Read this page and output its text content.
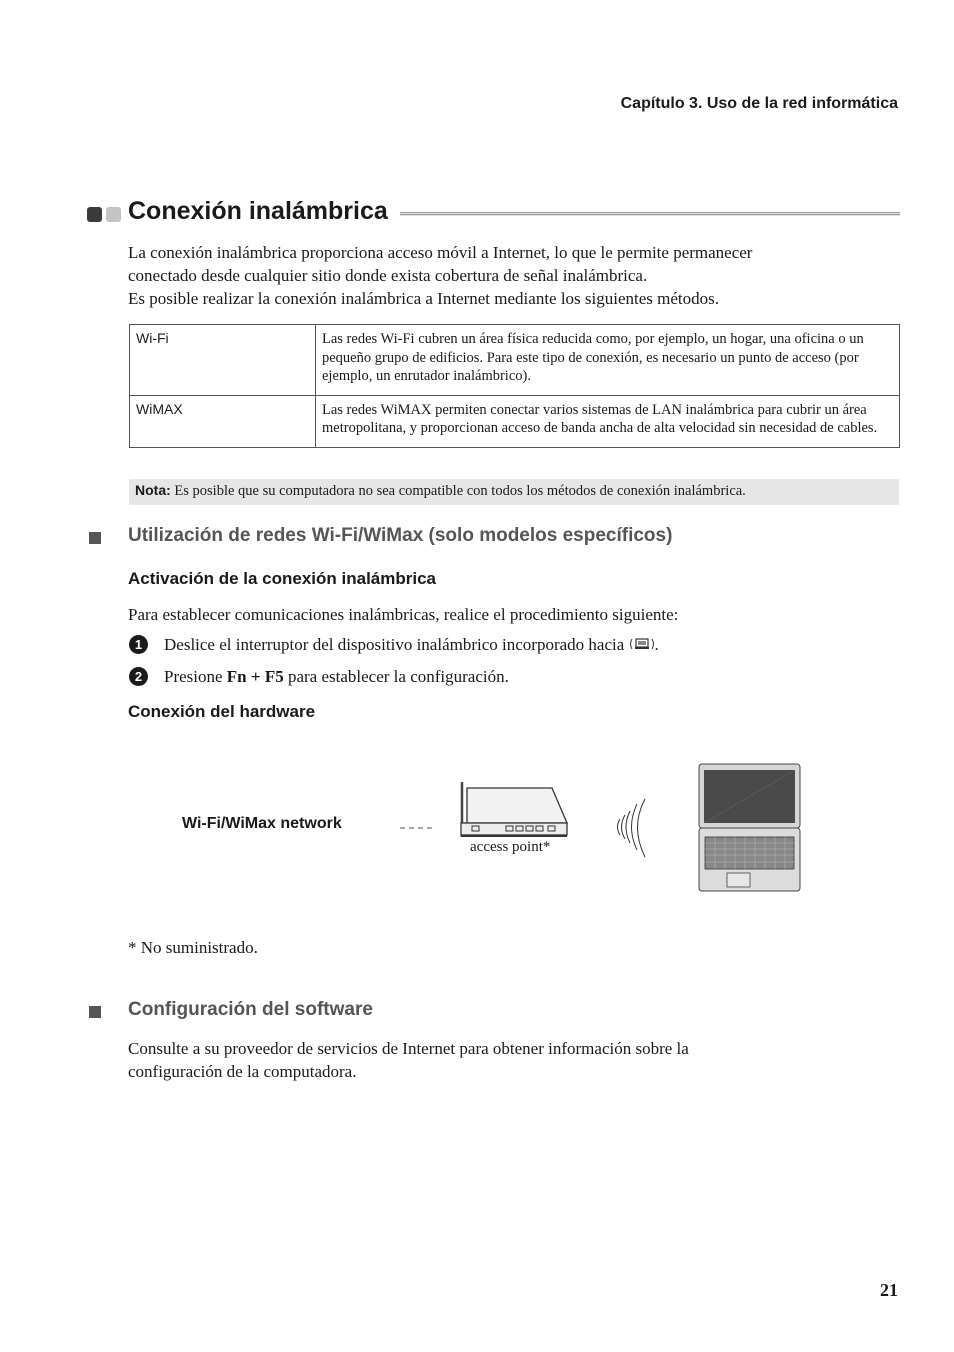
Capítulo 3. Uso de la red informática
Conexión inalámbrica
La conexión inalámbrica proporciona acceso móvil a Internet, lo que le permite permanecer
conectado desde cualquier sitio donde exista cobertura de señal inalámbrica.
Es posible realizar la conexión inalámbrica a Internet mediante los siguientes métodos.
Wi-Fi	Las redes Wi-Fi cubren un área física reducida como, por ejemplo, un hogar, una oficina o un pequeño grupo de edificios. Para este tipo de conexión, es necesario un punto de acceso (por ejemplo, un enrutador inalámbrico).
WiMAX	Las redes WiMAX permiten conectar varios sistemas de LAN inalámbrica para cubrir un área metropolitana, y proporcionan acceso de banda ancha de alta velocidad sin necesidad de cables.
Nota: Es posible que su computadora no sea compatible con todos los métodos de conexión inalámbrica.
Utilización de redes Wi-Fi/WiMax (solo modelos específicos)
Activación de la conexión inalámbrica
Para establecer comunicaciones inalámbricas, realice el procedimiento siguiente:
1	Deslice el interruptor del dispositivo inalámbrico incorporado hacia .
2	Presione Fn + F5 para establecer la configuración.
Conexión del hardware
Wi-Fi/WiMax network
access point*
* No suministrado.
Configuración del software
Consulte a su proveedor de servicios de Internet para obtener información sobre la
configuración de la computadora.
21
